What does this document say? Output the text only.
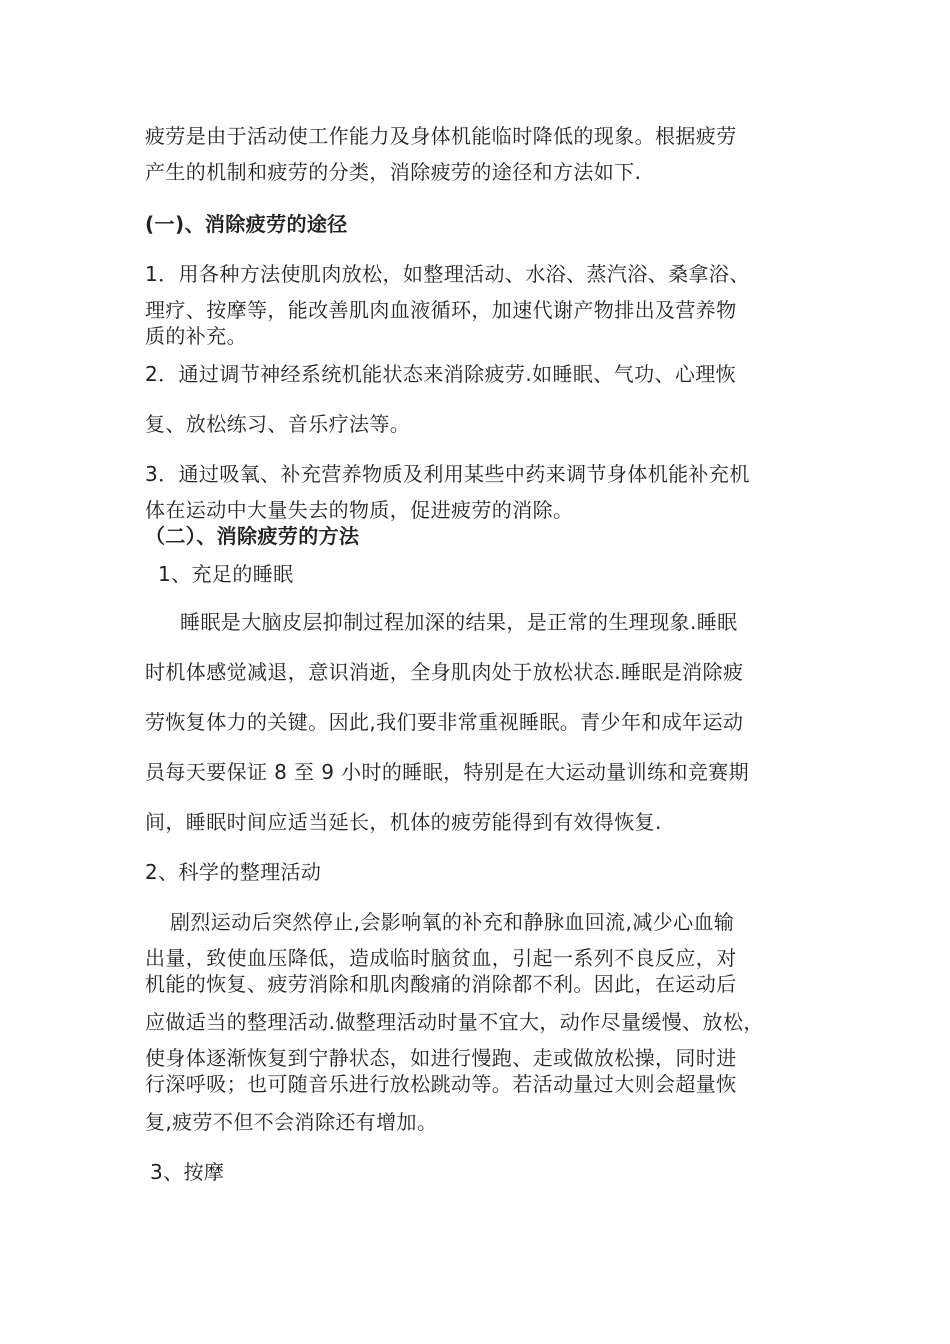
疲劳是由于活动使工作能力及身体机能临时降低的现象。根据疲劳
产生的机制和疲劳的分类，消除疲劳的途径和方法如下.
(一)、消除疲劳的途径
1．用各种方法使肌肉放松，如整理活动、水浴、蒸汽浴、桑拿浴、
理疗、按摩等，能改善肌肉血液循环，加速代谢产物排出及营养物
质的补充。
2．通过调节神经系统机能状态来消除疲劳.如睡眠、气功、心理恢
复、放松练习、音乐疗法等。
3．通过吸氧、补充营养物质及利用某些中药来调节身体机能补充机
体在运动中大量失去的物质，促进疲劳的消除。
（二）、消除疲劳的方法
1、充足的睡眠
睡眠是大脑皮层抑制过程加深的结果，是正常的生理现象.睡眠
时机体感觉减退，意识消逝，全身肌肉处于放松状态.睡眠是消除疲
劳恢复体力的关键。因此,我们要非常重视睡眠。青少年和成年运动
员每天要保证 8 至 9 小时的睡眠，特别是在大运动量训练和竞赛期
间，睡眠时间应适当延长，机体的疲劳能得到有效得恢复.
2、科学的整理活动
剧烈运动后突然停止,会影响氧的补充和静脉血回流,减少心血输
出量，致使血压降低，造成临时脑贫血，引起一系列不良反应，对
机能的恢复、疲劳消除和肌肉酸痛的消除都不利。因此，在运动后
应做适当的整理活动.做整理活动时量不宜大，动作尽量缓慢、放松，
使身体逐渐恢复到宁静状态，如进行慢跑、走或做放松操，同时进
行深呼吸；也可随音乐进行放松跳动等。若活动量过大则会超量恢
复,疲劳不但不会消除还有增加。
3、按摩
